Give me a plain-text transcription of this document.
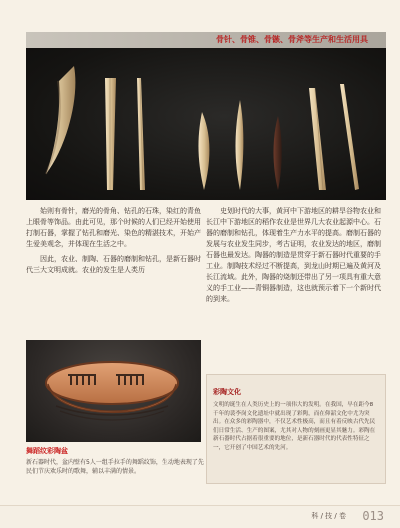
骨针、骨锥、骨镞、骨斧等生产和生活用具

始则有骨针，磨光的骨角、钻孔的石珠，染红的青鱼上眼骨等饰品。由此可见，那个时候的人们已经开始使用打制石器，掌握了钻孔和磨光、染色的精湛技术，开始产生爱美观念，并体现在生活之中。

因此，农业、制陶、石器的磨制和钻孔，是新石器时代三大文明成就。农业的发生是人类历

史划时代的大事，黄河中下游地区的耕旱谷物农业和长江中下游地区的稻作农业是世界几大农业起源中心。石器的磨制和钻孔，体现着生产力水平的提高。磨制石器的发展与农业发生同步，考古证明，农业发达的地区，磨制石器也最发达。陶器的制造是贯穿于新石器时代重要的手工业。制陶技术经过不断提高，到龙山时期已遍及黄河及长江流域。此外，陶器的烧制还带出了另一项具有重大意义的手工业——青铜器制造，这也就预示着下一个新时代的到来。

舞蹈纹彩陶盆
新石器时代，盆内壁有5人一组手拉手的舞蹈纹饰，生动地表现了先民们节庆欢乐时的歌舞，辅以丰满的情景。
彩陶文化
文明的诞生在人类历史上的一项伟大的发明。在我国，早在距今8千年的裴李岗文化遗址中就出现了彩陶，而在仰韶文化中尤为突出。在众多的彩陶器中，不仅艺术性极高，而且有着反映古代先民们日常生活、生产的图案，尤其对人物的刻画更显其魅力。彩陶在新石器时代占据着很重要的地位，是新石器时代的代表性特征之一，它开创了中国艺术的先河。
科 / 技 / 卷 013
